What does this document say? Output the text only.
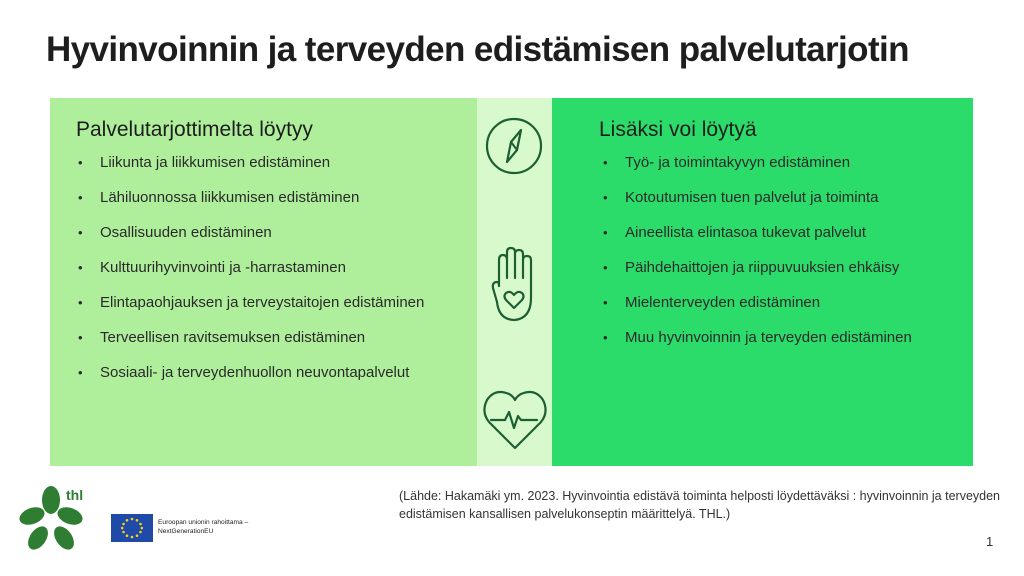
Hyvinvoinnin ja terveyden edistämisen palvelutarjotin
Palvelutarjottimelta löytyy
• Liikunta ja liikkumisen edistäminen
• Lähiluonnossa liikkumisen edistäminen
• Osallisuuden edistäminen
• Kulttuurihyvinvointi ja -harrastaminen
• Elintapaohjauksen ja terveystaitojen edistäminen
• Terveellisen ravitsemuksen edistäminen
• Sosiaali- ja terveydenhuollon neuvontapalvelut
Lisäksi voi löytyä
• Työ- ja toimintakyvyn edistäminen
• Kotoutumisen tuen palvelut ja toiminta
• Aineellista elintasoa tukevat palvelut
• Päihdehaittojen ja riippuvuuksien ehkäisy
• Mielenterveyden edistäminen
• Muu hyvinvoinnin ja terveyden edistäminen
thl
Euroopan unionin rahoittama –
NextGenerationEU
(Lähde: Hakamäki ym. 2023. Hyvinvointia edistävä toiminta helposti löydettäväksi : hyvinvoinnin ja terveyden edistämisen kansallisen palvelukonseptin määrittelyä. THL.)
1
